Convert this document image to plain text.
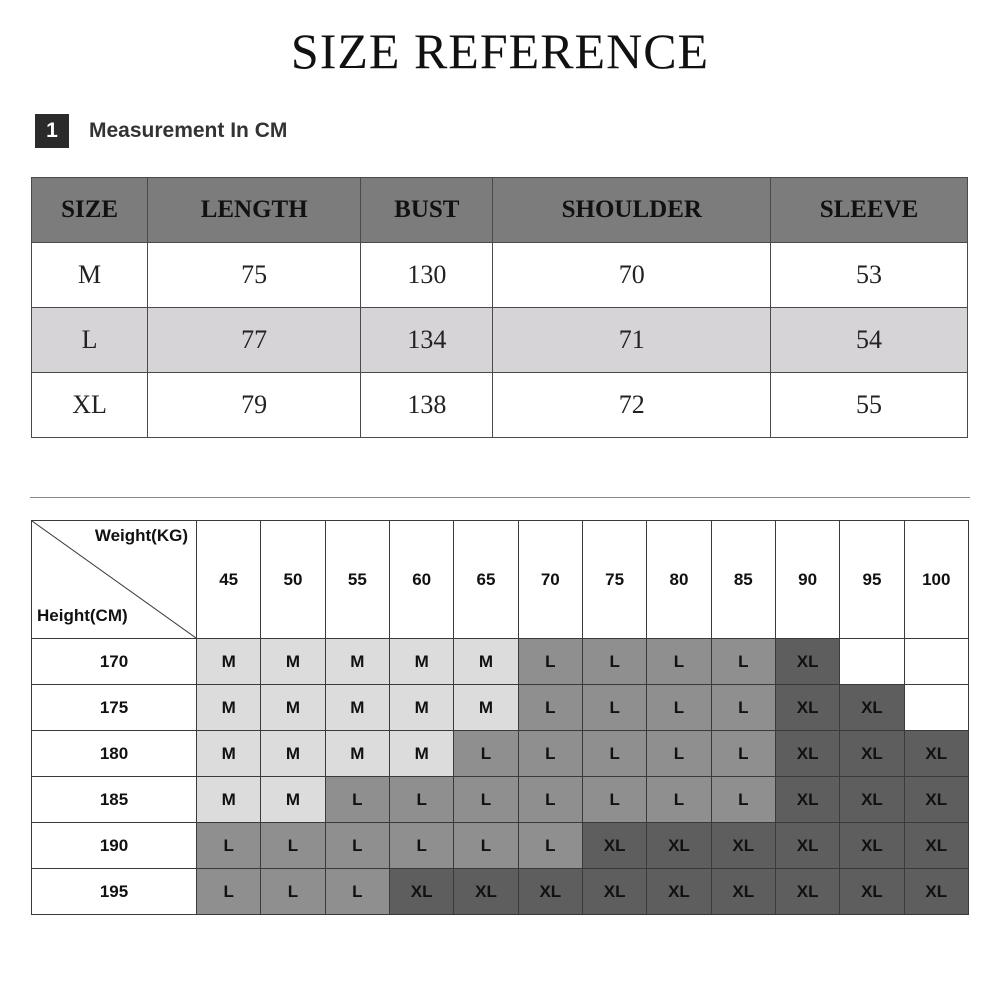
SIZE REFERENCE
1	Measurement In CM
SIZE	LENGTH	BUST	SHOULDER	SLEEVE
M	75	130	70	53
L	77	134	71	54
XL	79	138	72	55
Weight(KG)
Height(CM)	45	50	55	60	65	70	75	80	85	90	95	100
170	M	M	M	M	M	L	L	L	L	XL		
175	M	M	M	M	M	L	L	L	L	XL	XL	
180	M	M	M	M	L	L	L	L	L	XL	XL	XL
185	M	M	L	L	L	L	L	L	L	XL	XL	XL
190	L	L	L	L	L	L	XL	XL	XL	XL	XL	XL
195	L	L	L	XL	XL	XL	XL	XL	XL	XL	XL	XL
